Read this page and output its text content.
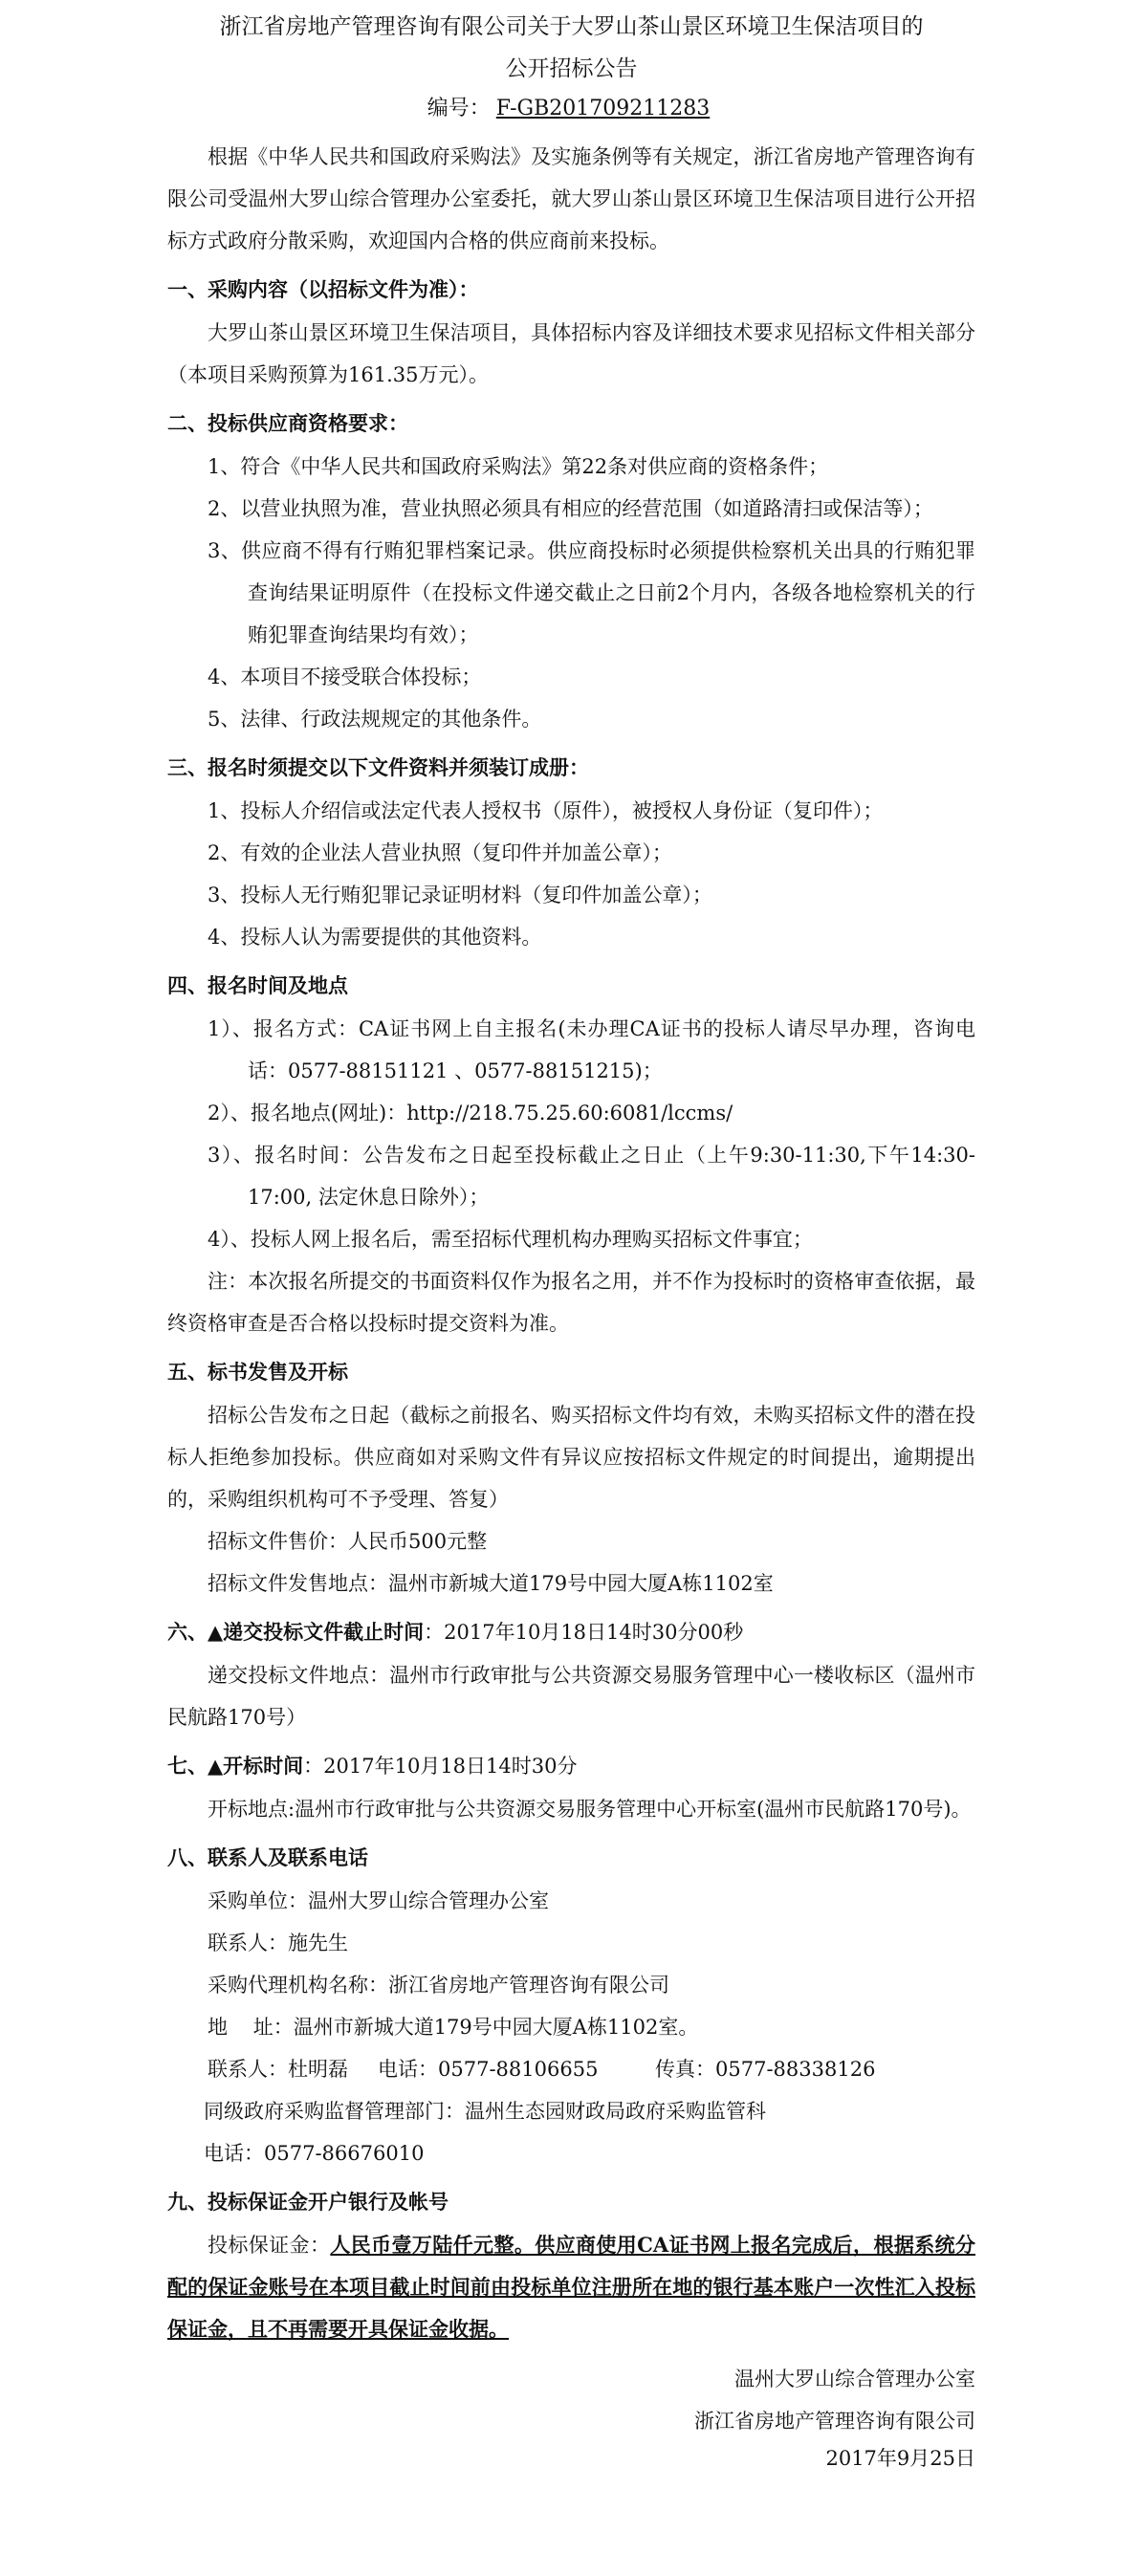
浙江省房地产管理咨询有限公司关于大罗山茶山景区环境卫生保洁项目的

公开招标公告

编号： F-GB201709211283

根据《中华人民共和国政府采购法》及实施条例等有关规定，浙江省房地产管理咨询有限公司受温州大罗山综合管理办公室委托，就大罗山茶山景区环境卫生保洁项目进行公开招标方式政府分散采购，欢迎国内合格的供应商前来投标。

一、采购内容（以招标文件为准）：

大罗山茶山景区环境卫生保洁项目，具体招标内容及详细技术要求见招标文件相关部分（本项目采购预算为161.35万元）。

二、投标供应商资格要求：

1、符合《中华人民共和国政府采购法》第22条对供应商的资格条件；

2、以营业执照为准，营业执照必须具有相应的经营范围（如道路清扫或保洁等）；

3、供应商不得有行贿犯罪档案记录。供应商投标时必须提供检察机关出具的行贿犯罪查询结果证明原件（在投标文件递交截止之日前2个月内，各级各地检察机关的行贿犯罪查询结果均有效）；

4、本项目不接受联合体投标；

5、法律、行政法规规定的其他条件。

三、报名时须提交以下文件资料并须装订成册：

1、投标人介绍信或法定代表人授权书（原件），被授权人身份证（复印件）；

2、有效的企业法人营业执照（复印件并加盖公章）；

3、投标人无行贿犯罪记录证明材料（复印件加盖公章）；

4、投标人认为需要提供的其他资料。

四、报名时间及地点

1）、报名方式：CA证书网上自主报名(未办理CA证书的投标人请尽早办理，咨询电话：0577-88151121 、0577-88151215)；

2）、报名地点(网址)：http://218.75.25.60:6081/lccms/

3）、报名时间：公告发布之日起至投标截止之日止（上午9:30-11:30,下午14:30-17:00, 法定休息日除外）；

4）、投标人网上报名后，需至招标代理机构办理购买招标文件事宜；

注：本次报名所提交的书面资料仅作为报名之用，并不作为投标时的资格审查依据，最终资格审查是否合格以投标时提交资料为准。

五、标书发售及开标

招标公告发布之日起（截标之前报名、购买招标文件均有效，未购买招标文件的潜在投标人拒绝参加投标。供应商如对采购文件有异议应按招标文件规定的时间提出，逾期提出的，采购组织机构可不予受理、答复）

招标文件售价：人民币500元整

招标文件发售地点：温州市新城大道179号中园大厦A栋1102室

六、▲递交投标文件截止时间：2017年10月18日14时30分00秒

递交投标文件地点：温州市行政审批与公共资源交易服务管理中心一楼收标区（温州市民航路170号）

七、▲开标时间：2017年10月18日14时30分

开标地点:温州市行政审批与公共资源交易服务管理中心开标室(温州市民航路170号)。

八、联系人及联系电话

采购单位：温州大罗山综合管理办公室

联系人：施先生

采购代理机构名称：浙江省房地产管理咨询有限公司

地    址：温州市新城大道179号中园大厦A栋1102室。

联系人：杜明磊 电话：0577-88106655	传真：0577-88338126

同级政府采购监督管理部门：温州生态园财政局政府采购监管科

电话：0577-86676010

九、投标保证金开户银行及帐号

投标保证金：人民币壹万陆仟元整。供应商使用CA证书网上报名完成后，根据系统分配的保证金账号在本项目截止时间前由投标单位注册所在地的银行基本账户一次性汇入投标保证金，且不再需要开具保证金收据。

温州大罗山综合管理办公室

浙江省房地产管理咨询有限公司

2017年9月25日
